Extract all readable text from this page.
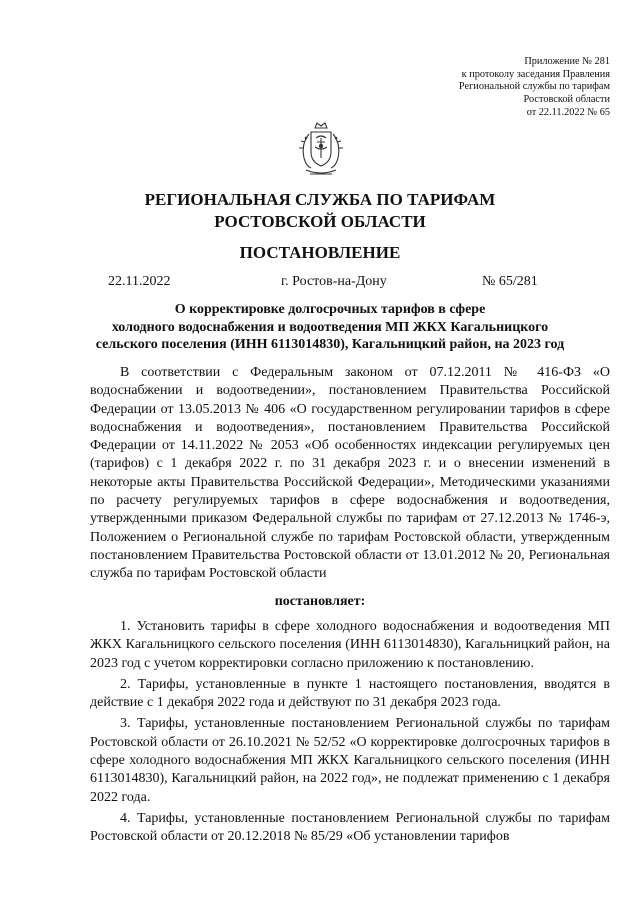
Приложение № 281
к протоколу заседания Правления
Региональной службы по тарифам
Ростовской области
от 22.11.2022 № 65
РЕГИОНАЛЬНАЯ СЛУЖБА ПО ТАРИФАМ
РОСТОВСКОЙ ОБЛАСТИ
ПОСТАНОВЛЕНИЕ
22.11.2022	г. Ростов-на-Дону	№ 65/281
О корректировке долгосрочных тарифов в сфере
холодного водоснабжения и водоотведения МП ЖКХ Кагальницкого
сельского поселения (ИНН 6113014830), Кагальницкий район, на 2023 год

В соответствии с Федеральным законом от 07.12.2011 № 416-ФЗ «О водоснабжении и водоотведении», постановлением Правительства Российской Федерации от 13.05.2013 № 406 «О государственном регулировании тарифов в сфере водоснабжения и водоотведения», постановлением Правительства Российской Федерации от 14.11.2022 № 2053 «Об особенностях индексации регулируемых цен (тарифов) с 1 декабря 2022 г. по 31 декабря 2023 г. и о внесении изменений в некоторые акты Правительства Российской Федерации», Методическими указаниями по расчету регулируемых тарифов в сфере водоснабжения и водоотведения, утвержденными приказом Федеральной службы по тарифам от 27.12.2013 № 1746-э, Положением о Региональной службе по тарифам Ростовской области, утвержденным постановлением Правительства Ростовской области от 13.01.2012 № 20, Региональная служба по тарифам Ростовской области

постановляет:

1. Установить тарифы в сфере холодного водоснабжения и водоотведения МП ЖКХ Кагальницкого сельского поселения (ИНН 6113014830), Кагальницкий район, на 2023 год с учетом корректировки согласно приложению к постановлению.

2. Тарифы, установленные в пункте 1 настоящего постановления, вводятся в действие с 1 декабря 2022 года и действуют по 31 декабря 2023 года.

3. Тарифы, установленные постановлением Региональной службы по тарифам Ростовской области от 26.10.2021 № 52/52 «О корректировке долгосрочных тарифов в сфере холодного водоснабжения МП ЖКХ Кагальницкого сельского поселения (ИНН 6113014830), Кагальницкий район, на 2022 год», не подлежат применению с 1 декабря 2022 года.

4. Тарифы, установленные постановлением Региональной службы по тарифам Ростовской области от 20.12.2018 № 85/29 «Об установлении тарифов
